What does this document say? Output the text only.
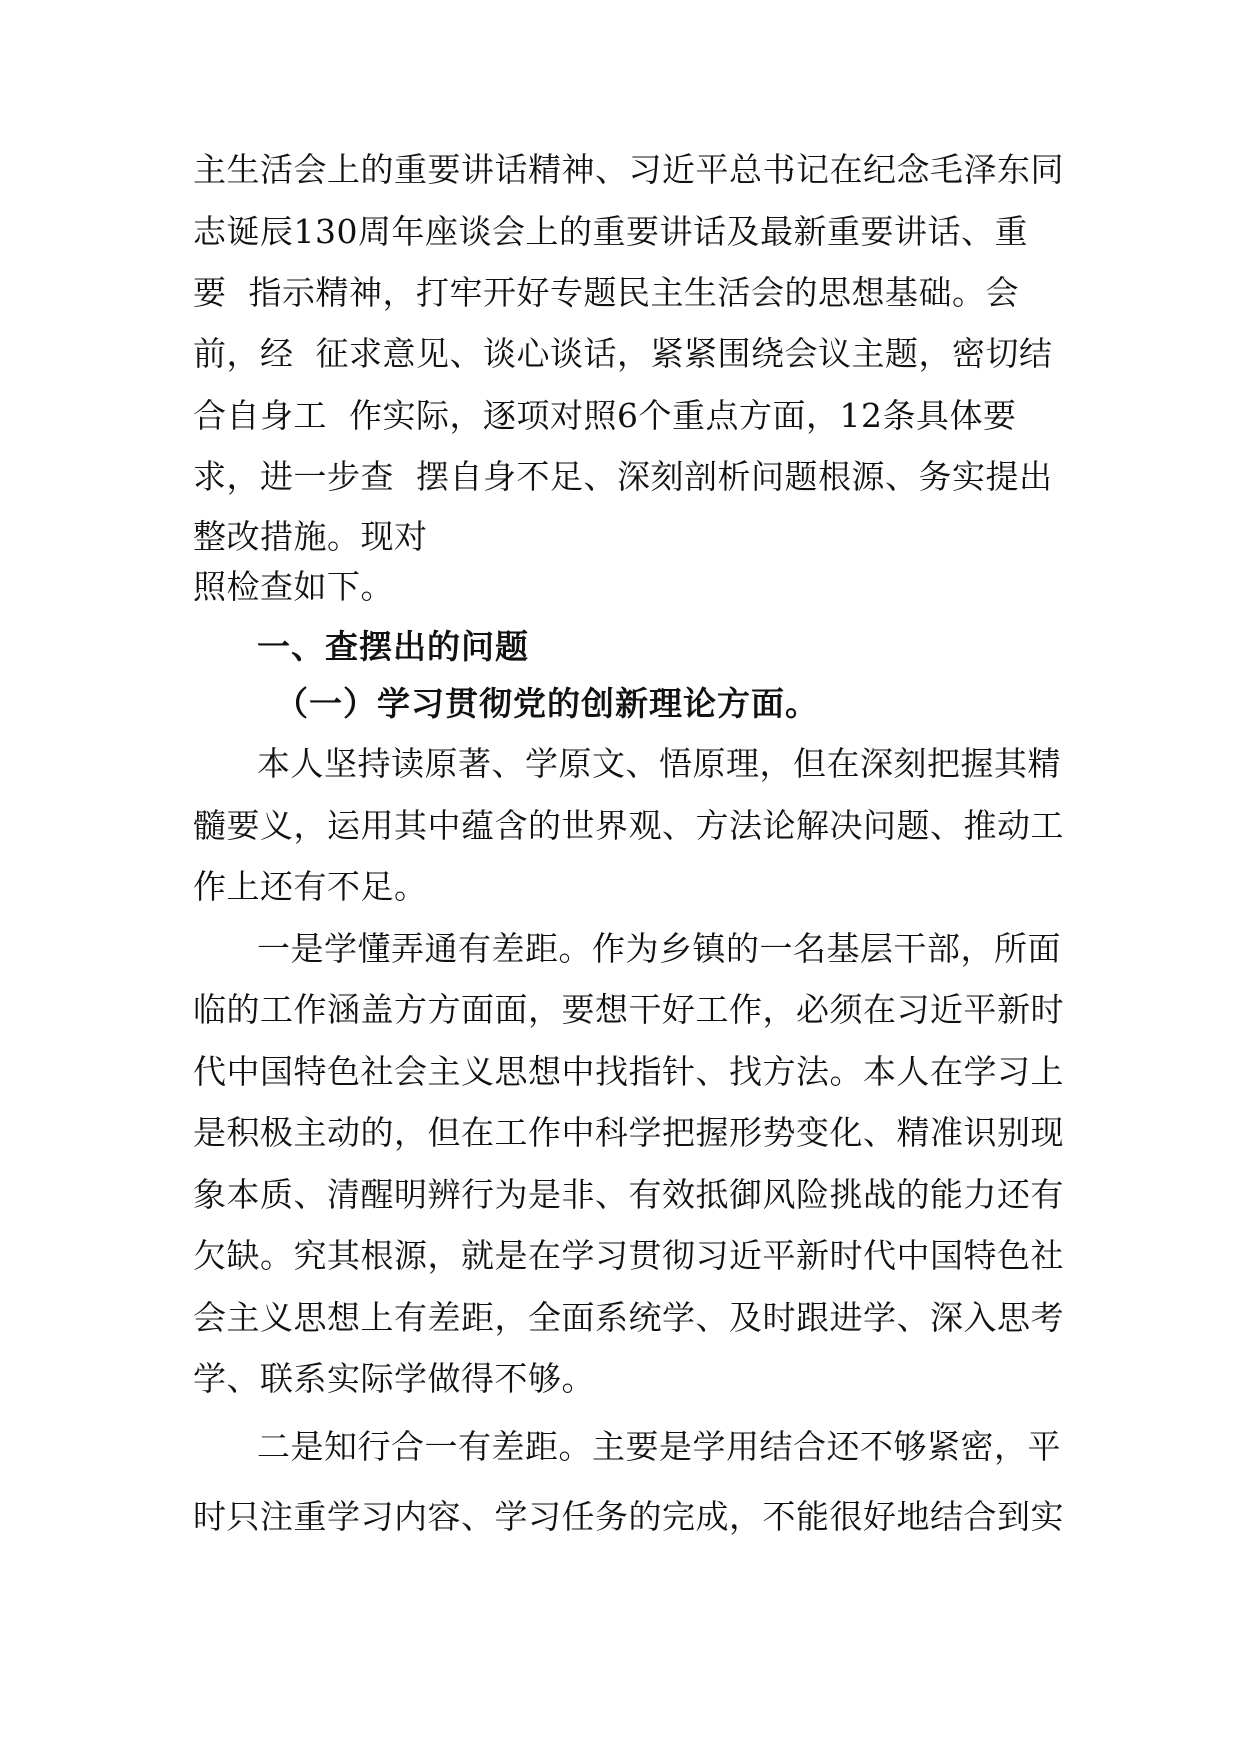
主生活会上的重要讲话精神、习近平总书记在纪念毛泽东同

志诞辰130周年座谈会上的重要讲话及最新重要讲话、重

要  指示精神，打牢开好专题民主生活会的思想基础。会

前，经  征求意见、谈心谈话，紧紧围绕会议主题，密切结

合自身工  作实际，逐项对照6个重点方面，12条具体要

求，进一步查  摆自身不足、深刻剖析问题根源、务实提出

整改措施。现对

照检查如下。

一、查摆出的问题

（一）学习贯彻党的创新理论方面。

本人坚持读原著、学原文、悟原理，但在深刻把握其精

髓要义，运用其中蕴含的世界观、方法论解决问题、推动工

作上还有不足。

一是学懂弄通有差距。作为乡镇的一名基层干部，所面

临的工作涵盖方方面面，要想干好工作，必须在习近平新时

代中国特色社会主义思想中找指针、找方法。本人在学习上

是积极主动的，但在工作中科学把握形势变化、精准识别现

象本质、清醒明辨行为是非、有效抵御风险挑战的能力还有

欠缺。究其根源，就是在学习贯彻习近平新时代中国特色社

会主义思想上有差距，全面系统学、及时跟进学、深入思考

学、联系实际学做得不够。

二是知行合一有差距。主要是学用结合还不够紧密，平

时只注重学习内容、学习任务的完成，不能很好地结合到实
